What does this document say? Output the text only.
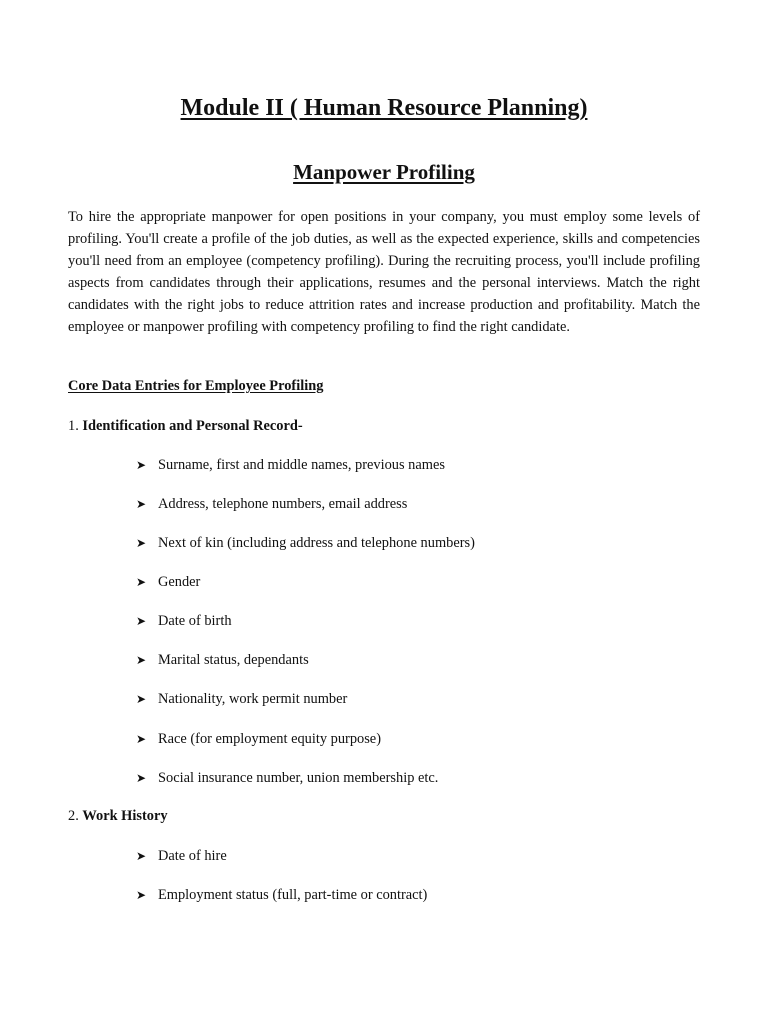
Module II ( Human Resource Planning)
Manpower Profiling

To hire the appropriate manpower for open positions in your company, you must employ some levels of profiling. You'll create a profile of the job duties, as well as the expected experience, skills and competencies you'll need from an employee (competency profiling). During the recruiting process, you'll include profiling aspects from candidates through their applications, resumes and the personal interviews. Match the right candidates with the right jobs to reduce attrition rates and increase production and profitability. Match the employee or manpower profiling with competency profiling to find the right candidate.

Core Data Entries for Employee Profiling
1. Identification and Personal Record-
➤ Surname, first and middle names, previous names
➤ Address, telephone numbers, email address
➤ Next of kin (including address and telephone numbers)
➤ Gender
➤ Date of birth
➤ Marital status, dependants
➤ Nationality, work permit number
➤ Race (for employment equity purpose)
➤ Social insurance number, union membership etc.
2. Work History
➤ Date of hire
➤ Employment status (full, part-time or contract)
